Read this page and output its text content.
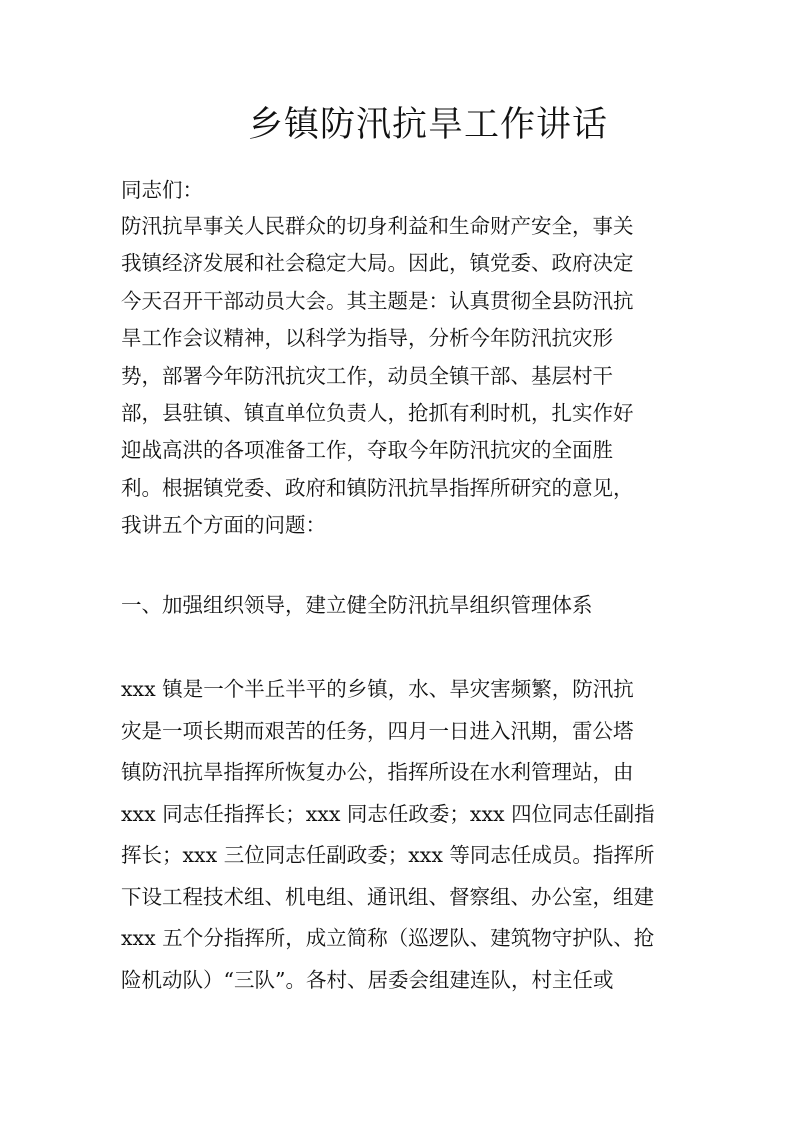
乡镇防汛抗旱工作讲话
同志们：
防汛抗旱事关人民群众的切身利益和生命财产安全，事关
我镇经济发展和社会稳定大局。因此，镇党委、政府决定
今天召开干部动员大会。其主题是：认真贯彻全县防汛抗
旱工作会议精神，以科学为指导，分析今年防汛抗灾形
势，部署今年防汛抗灾工作，动员全镇干部、基层村干
部，县驻镇、镇直单位负责人，抢抓有利时机，扎实作好
迎战高洪的各项准备工作，夺取今年防汛抗灾的全面胜
利。根据镇党委、政府和镇防汛抗旱指挥所研究的意见，
我讲五个方面的问题：
一、加强组织领导，建立健全防汛抗旱组织管理体系
xxx 镇是一个半丘半平的乡镇，水、旱灾害频繁，防汛抗
灾是一项长期而艰苦的任务，四月一日进入汛期，雷公塔
镇防汛抗旱指挥所恢复办公，指挥所设在水利管理站，由
xxx 同志任指挥长；xxx 同志任政委；xxx 四位同志任副指
挥长；xxx 三位同志任副政委；xxx 等同志任成员。指挥所
下设工程技术组、机电组、通讯组、督察组、办公室，组建
xxx 五个分指挥所，成立简称（巡逻队、建筑物守护队、抢
险机动队）“三队”。各村、居委会组建连队，村主任或
